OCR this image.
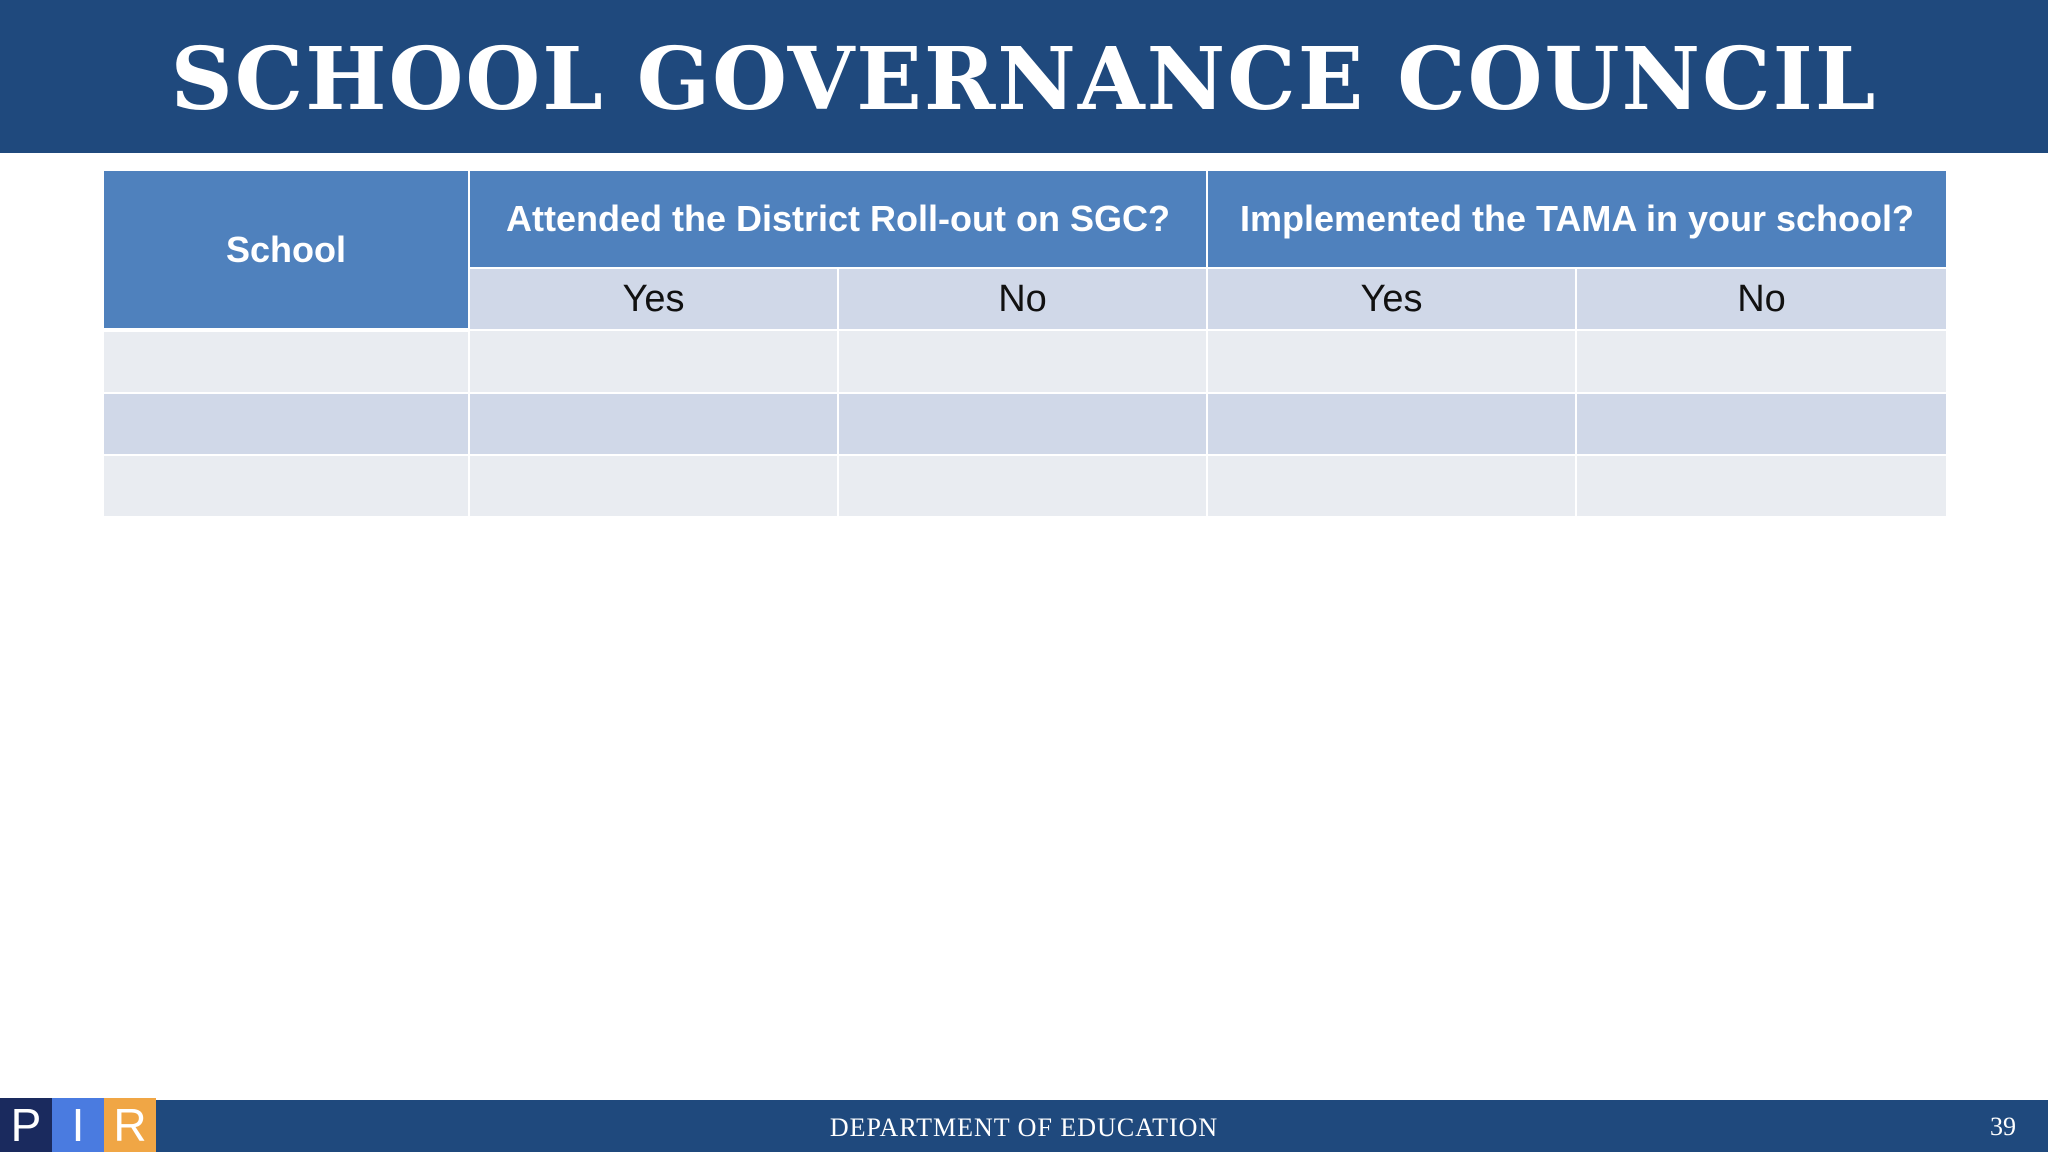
SCHOOL GOVERNANCE COUNCIL
School	Attended the District Roll-out on SGC?		Implemented the TAMA in your school?	
	Yes	No	Yes	No

P I R	DEPARTMENT OF EDUCATION	39
